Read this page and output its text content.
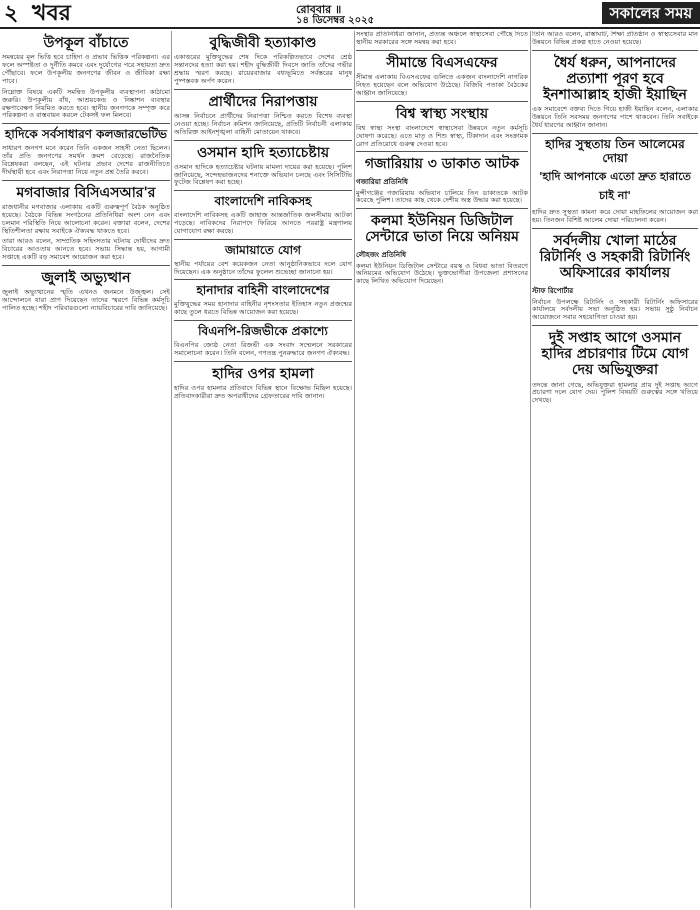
২ খবর	রোববার ॥
১৪ ডিসেম্বর ২০২৫	সকালের সময়
উপকূল বাঁচাতে

সমন্বয়ের মূল ভিত্তি হবে চাহিদা ও প্রভাব ভিত্তিক পরিকল্পনা। এর ফলে অস্পষ্টতা ও দুর্নীতি কমবে এবং দুর্যোগের পরে সহায়তা দ্রুত পৌঁছাবে। ফলে উপকূলীয় জনগণের জীবন ও জীবিকা রক্ষা পাবে।

নিম্নোক্ত বিষয়ে একটি সমন্বিত উপকূলীয় ব্যবস্থাপনা কাঠামো জরুরি। উপকূলীয় বাঁধ, আশ্রয়কেন্দ্র ও নিষ্কাশন ব্যবস্থার রক্ষণাবেক্ষণ নিয়মিত করতে হবে। স্থানীয় জনগণকে সম্পৃক্ত করে পরিকল্পনা ও বাস্তবায়ন করলে টেকসই ফল মিলবে।

হাদিকে সর্বসাধারণ কলজারভেটিভ

সাধারণ জনগণ মনে করেন তিনি একজন সাহসী নেতা ছিলেন। তাঁর প্রতি জনগণের সমর্থন ক্রমশ বেড়েছে। রাজনৈতিক বিশ্লেষকরা বলছেন, এই ঘটনার প্রভাব দেশের রাজনীতিতে দীর্ঘস্থায়ী হবে এবং নিরাপত্তা নিয়ে নতুন প্রশ্ন তৈরি করবে।

মগবাজার বিসিএসআর'র

রাজধানীর মগবাজার এলাকায় একটি গুরুত্বপূর্ণ বৈঠক অনুষ্ঠিত হয়েছে। বৈঠকে বিভিন্ন সংগঠনের প্রতিনিধিরা অংশ নেন এবং চলমান পরিস্থিতি নিয়ে আলোচনা করেন। বক্তারা বলেন, দেশের স্থিতিশীলতা রক্ষায় সবাইকে ঐক্যবদ্ধ থাকতে হবে।

তারা আরও বলেন, সাম্প্রতিক সহিংসতার ঘটনায় দোষীদের দ্রুত বিচারের আওতায় আনতে হবে। সভায় সিদ্ধান্ত হয়, আগামী সপ্তাহে একটি বড় সমাবেশ আয়োজন করা হবে।

জুলাই অভ্যুত্থান

জুলাই অভ্যুত্থানের স্মৃতি এখনও জনমনে উজ্জ্বল। সেই আন্দোলনে যারা প্রাণ দিয়েছেন তাদের স্মরণে বিভিন্ন কর্মসূচি পালিত হচ্ছে। শহীদ পরিবারগুলো ন্যায়বিচারের দাবি জানিয়েছে।

বুদ্ধিজীবী হত্যাকাণ্ড

একাত্তরের মুক্তিযুদ্ধের শেষ দিকে পরিকল্পিতভাবে দেশের শ্রেষ্ঠ সন্তানদের হত্যা করা হয়। শহীদ বুদ্ধিজীবী দিবসে জাতি তাঁদের গভীর শ্রদ্ধায় স্মরণ করছে। রায়েরবাজার বধ্যভূমিতে সর্বস্তরের মানুষ পুষ্পস্তবক অর্পণ করেন।

প্রার্থীদের নিরাপত্তায়

আসন্ন নির্বাচনে প্রার্থীদের নিরাপত্তা নিশ্চিত করতে বিশেষ ব্যবস্থা নেওয়া হচ্ছে। নির্বাচন কমিশন জানিয়েছে, প্রতিটি নির্বাচনী এলাকায় অতিরিক্ত আইনশৃঙ্খলা বাহিনী মোতায়েন থাকবে।

ওসমান হাদি হত্যাচেষ্টায়

ওসমান হাদিকে হত্যাচেষ্টার ঘটনায় মামলা দায়ের করা হয়েছে। পুলিশ জানিয়েছে, সন্দেহভাজনদের শনাক্তে অভিযান চলছে এবং সিসিটিভি ফুটেজ বিশ্লেষণ করা হচ্ছে।

বাংলাদেশি নাবিকসহ

বাংলাদেশি নাবিকসহ একটি জাহাজ আন্তর্জাতিক জলসীমায় আটকা পড়েছে। নাবিকদের নিরাপদে ফিরিয়ে আনতে পররাষ্ট্র মন্ত্রণালয় যোগাযোগ রক্ষা করছে।

জামায়াতে যোগ

স্থানীয় পর্যায়ের বেশ কয়েকজন নেতা আনুষ্ঠানিকভাবে দলে যোগ দিয়েছেন। এক অনুষ্ঠানে তাঁদের ফুলেল শুভেচ্ছা জানানো হয়।

হানাদার বাহিনী বাংলাদেশের

মুক্তিযুদ্ধের সময় হানাদার বাহিনীর নৃশংসতার ইতিহাস নতুন প্রজন্মের কাছে তুলে ধরতে বিভিন্ন আয়োজন করা হয়েছে।

বিএনপি-রিজভীকে প্রকাশ্যে

বিএনপির জ্যেষ্ঠ নেতা রিজভী এক সংবাদ সম্মেলনে সরকারের সমালোচনা করেন। তিনি বলেন, গণতন্ত্র পুনরুদ্ধারে জনগণ ঐক্যবদ্ধ।

হাদির ওপর হামলা

হাদির ওপর হামলার প্রতিবাদে বিভিন্ন স্থানে বিক্ষোভ মিছিল হয়েছে। প্রতিবাদকারীরা দ্রুত অপরাধীদের গ্রেফতারের দাবি জানান।

সংস্থার প্রতিনিধিরা জানান, প্রত্যন্ত অঞ্চলে স্বাস্থ্যসেবা পৌঁছে দিতে স্থানীয় সরকারের সঙ্গে সমন্বয় করা হবে।

সীমান্তে বিএসএফের

সীমান্ত এলাকায় বিএসএফের গুলিতে একজন বাংলাদেশি নাগরিক নিহত হয়েছেন বলে অভিযোগ উঠেছে। বিজিবি পতাকা বৈঠকের আহ্বান জানিয়েছে।

বিশ্ব স্বাস্থ্য সংস্থায়

বিশ্ব স্বাস্থ্য সংস্থা বাংলাদেশে স্বাস্থ্যসেবা উন্নয়নে নতুন কর্মসূচি ঘোষণা করেছে। এতে মাতৃ ও শিশু স্বাস্থ্য, টিকাদান এবং সংক্রামক রোগ প্রতিরোধে গুরুত্ব দেওয়া হবে।

গজারিয়ায় ৩ ডাকাত আটক
গজারিয়া প্রতিনিধি

মুন্সীগঞ্জের গজারিয়ায় অভিযান চালিয়ে তিন ডাকাতকে আটক করেছে পুলিশ। তাদের কাছ থেকে দেশীয় অস্ত্র উদ্ধার করা হয়েছে।

কলমা ইউনিয়ন ডিজিটাল সেন্টারে ভাতা নিয়ে অনিয়ম
লৌহজং প্রতিনিধি

কলমা ইউনিয়ন ডিজিটাল সেন্টারে বয়স্ক ও বিধবা ভাতা বিতরণে অনিয়মের অভিযোগ উঠেছে। ভুক্তভোগীরা উপজেলা প্রশাসনের কাছে লিখিত অভিযোগ দিয়েছেন।

তিনি আরও বলেন, রাস্তাঘাট, শিক্ষা প্রতিষ্ঠান ও স্বাস্থ্যসেবার মান উন্নয়নে বিভিন্ন প্রকল্প হাতে নেওয়া হয়েছে।

ধৈর্য ধরুন, আপনাদের প্রত্যাশা পূরণ হবে ইনশাআল্লাহ হাজী ইয়াছিন

এক সমাবেশে বক্তব্য দিতে গিয়ে হাজী ইয়াছিন বলেন, এলাকার উন্নয়নে তিনি সবসময় জনগণের পাশে থাকবেন। তিনি সবাইকে ধৈর্য ধারণের আহ্বান জানান।

হাদির সুস্থতায় তিন আলেমের দোয়া
'হাদি আপনাকে এতো দ্রুত হারাতে চাই না'

হাদির দ্রুত সুস্থতা কামনা করে দোয়া মাহফিলের আয়োজন করা হয়। তিনজন বিশিষ্ট আলেম দোয়া পরিচালনা করেন।

সর্বদলীয় খোলা মাঠের রিটার্নিং ও সহকারী রিটার্নিং অফিসারের কার্যালয়
স্টাফ রিপোর্টার

নির্বাচন উপলক্ষে রিটার্নিং ও সহকারী রিটার্নিং অফিসারের কার্যালয়ে সর্বদলীয় সভা অনুষ্ঠিত হয়। সভায় সুষ্ঠু নির্বাচন আয়োজনে সবার সহযোগিতা চাওয়া হয়।

দুই সপ্তাহ আগে ওসমান হাদির প্রচারণার টিমে যোগ দেয় অভিযুক্তরা

তদন্তে জানা গেছে, অভিযুক্তরা হামলার প্রায় দুই সপ্তাহ আগে প্রচারণা দলে যোগ দেয়। পুলিশ বিষয়টি গুরুত্বের সঙ্গে খতিয়ে দেখছে।
